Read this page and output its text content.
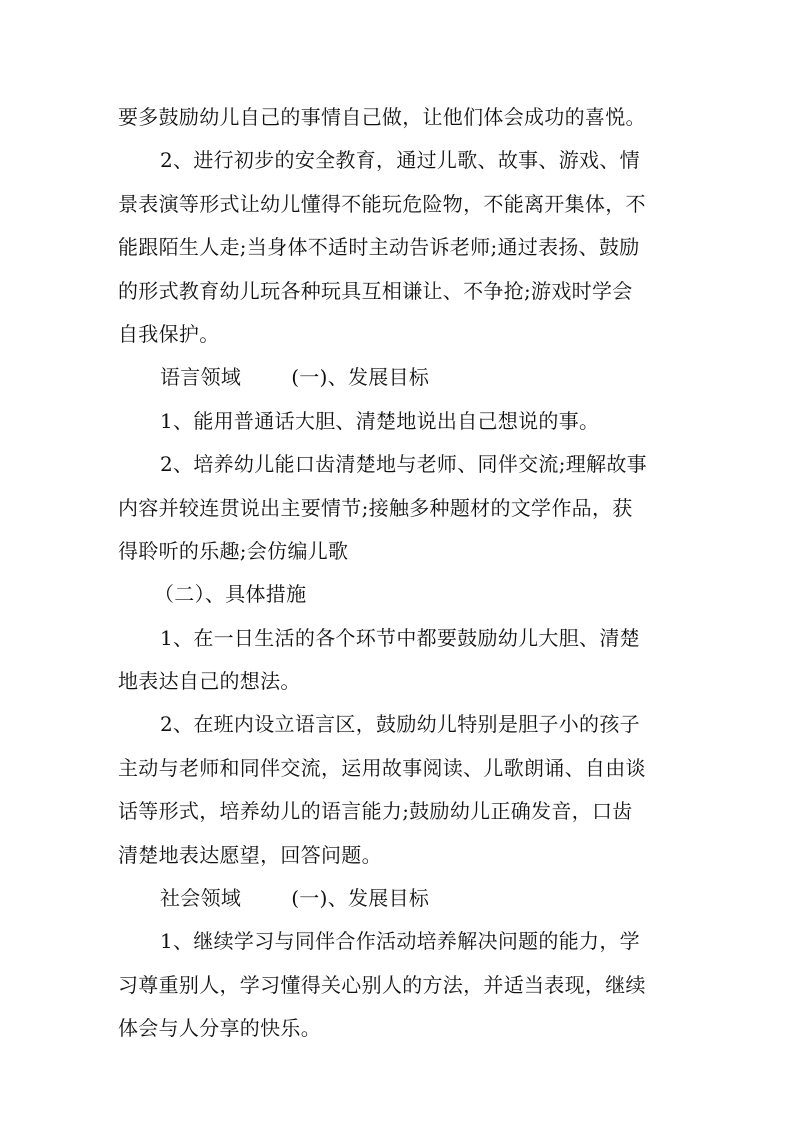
要多鼓励幼儿自己的事情自己做，让他们体会成功的喜悦。
2、进行初步的安全教育，通过儿歌、故事、游戏、情
景表演等形式让幼儿懂得不能玩危险物，不能离开集体，不
能跟陌生人走;当身体不适时主动告诉老师;通过表扬、鼓励
的形式教育幼儿玩各种玩具互相谦让、不争抢;游戏时学会
自我保护。
语言领域	(一)、发展目标
1、能用普通话大胆、清楚地说出自己想说的事。
2、培养幼儿能口齿清楚地与老师、同伴交流;理解故事
内容并较连贯说出主要情节;接触多种题材的文学作品，获
得聆听的乐趣;会仿编儿歌
（二）、具体措施
1、在一日生活的各个环节中都要鼓励幼儿大胆、清楚
地表达自己的想法。
2、在班内设立语言区，鼓励幼儿特别是胆子小的孩子
主动与老师和同伴交流，运用故事阅读、儿歌朗诵、自由谈
话等形式，培养幼儿的语言能力;鼓励幼儿正确发音，口齿
清楚地表达愿望，回答问题。
社会领域	(一)、发展目标
1、继续学习与同伴合作活动培养解决问题的能力，学
习尊重别人，学习懂得关心别人的方法，并适当表现，继续
体会与人分享的快乐。
